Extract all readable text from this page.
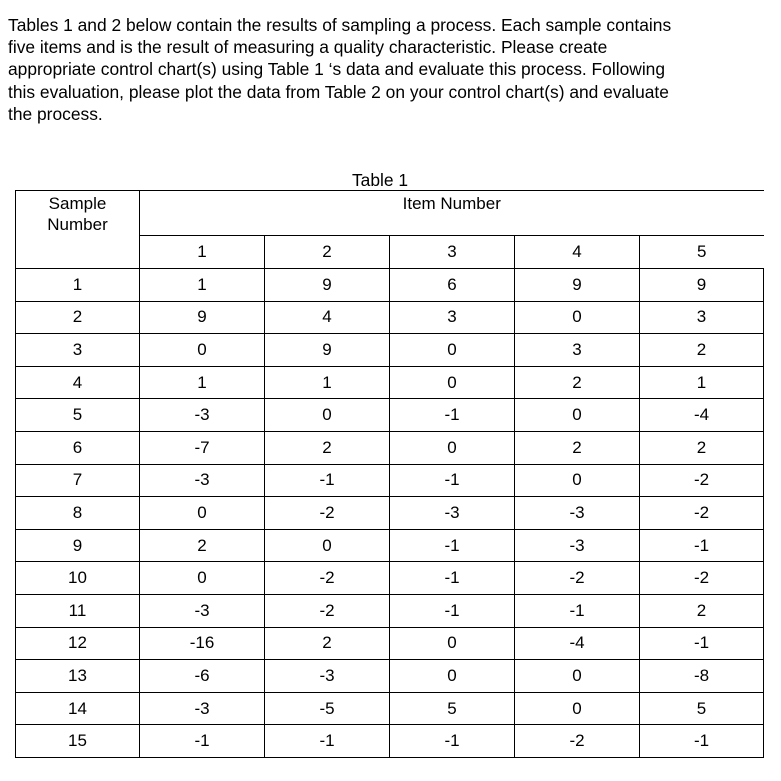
Tables 1 and 2 below contain the results of sampling a process. Each sample contains
five items and is the result of measuring a quality characteristic. Please create
appropriate control chart(s) using Table 1 ‘s data and evaluate this process. Following
this evaluation, please plot the data from Table 2 on your control chart(s) and evaluate
the process.

Table 1
Sample
Number	Item Number				
	1	2	3	4	5
1	1	9	6	9	9
2	9	4	3	0	3
3	0	9	0	3	2
4	1	1	0	2	1
5	-3	0	-1	0	-4
6	-7	2	0	2	2
7	-3	-1	-1	0	-2
8	0	-2	-3	-3	-2
9	2	0	-1	-3	-1
10	0	-2	-1	-2	-2
11	-3	-2	-1	-1	2
12	-16	2	0	-4	-1
13	-6	-3	0	0	-8
14	-3	-5	5	0	5
15	-1	-1	-1	-2	-1
